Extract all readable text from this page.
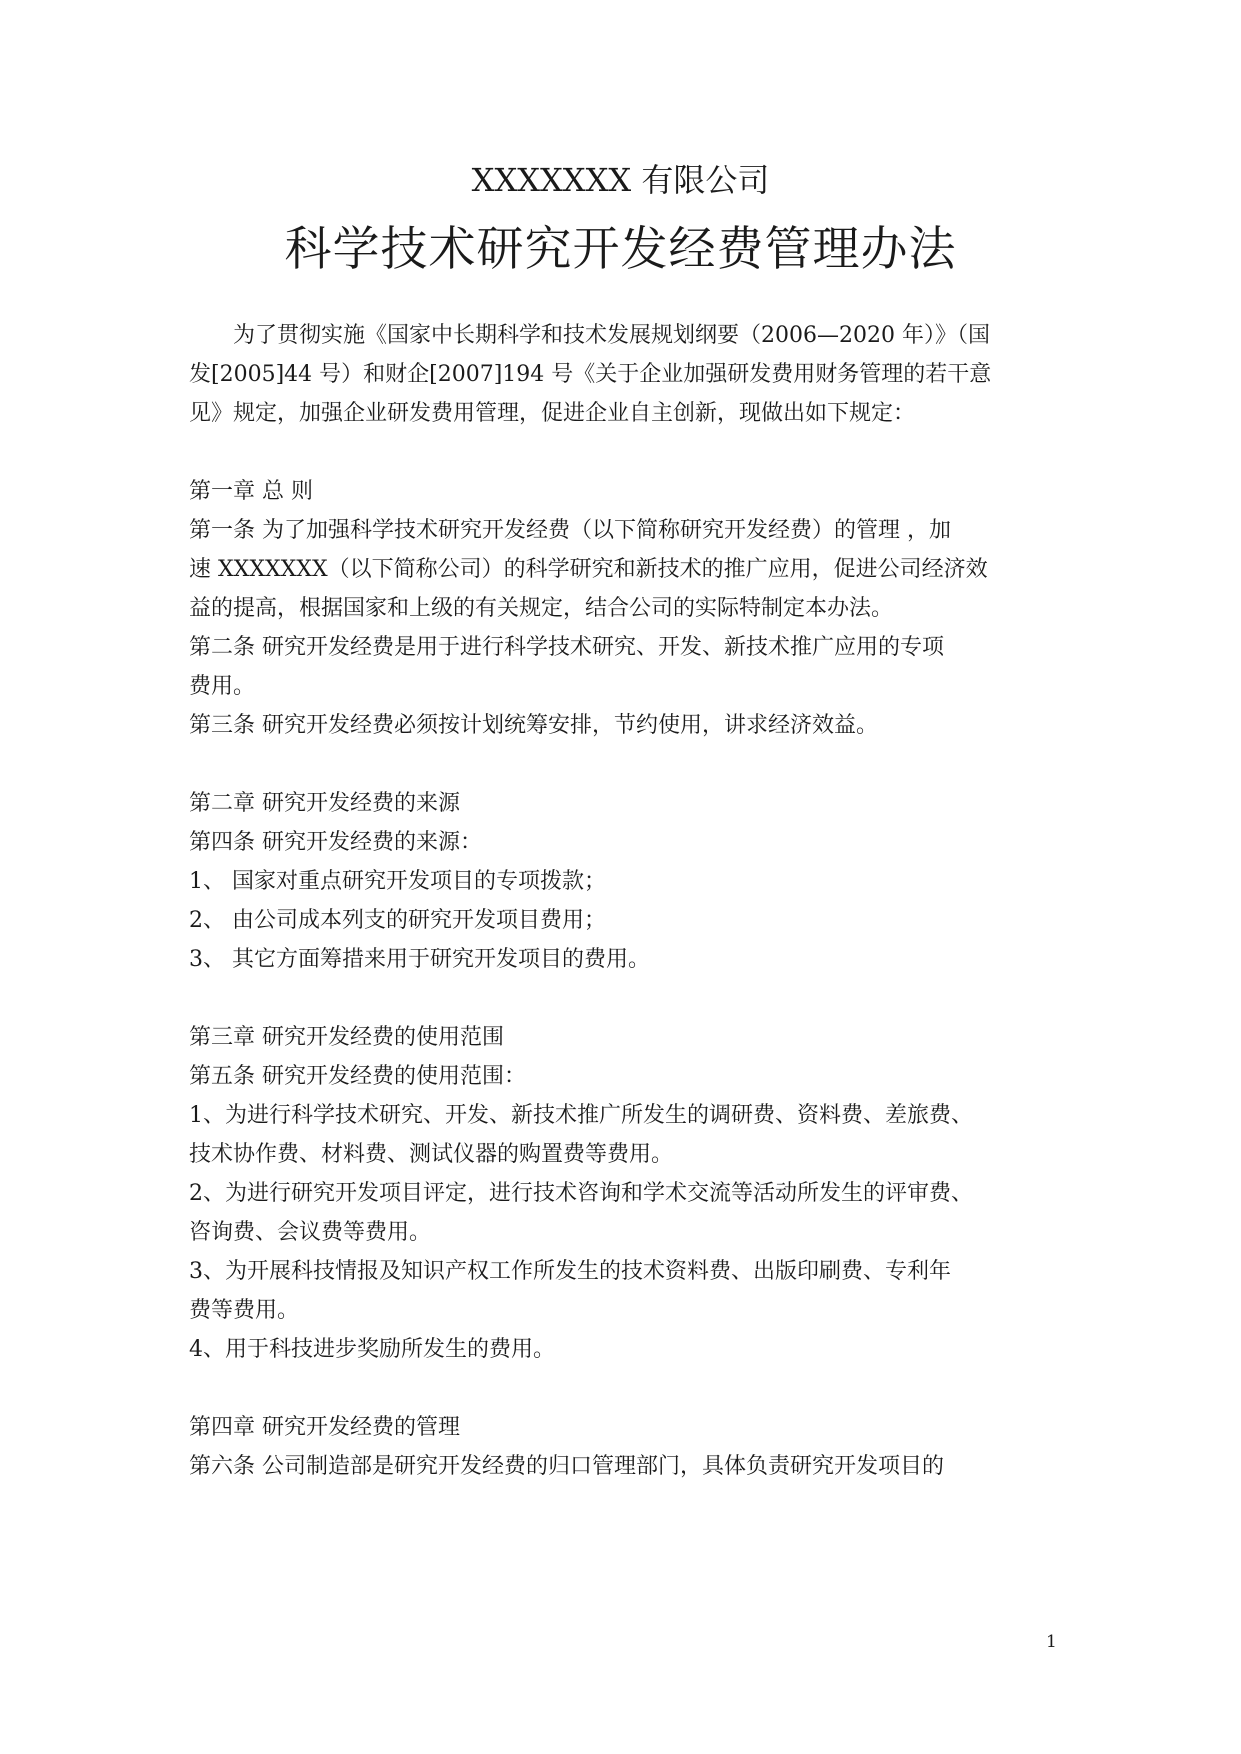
XXXXXXX 有限公司
科学技术研究开发经费管理办法

为了贯彻实施《国家中长期科学和技术发展规划纲要（2006—2020 年）》（国

发[2005]44 号）和财企[2007]194 号《关于企业加强研发费用财务管理的若干意

见》规定，加强企业研发费用管理，促进企业自主创新，现做出如下规定：

第一章 总 则

第一条 为了加强科学技术研究开发经费（以下简称研究开发经费）的管理 ，加

速 XXXXXXX（以下简称公司）的科学研究和新技术的推广应用，促进公司经济效

益的提高，根据国家和上级的有关规定，结合公司的实际特制定本办法。

第二条 研究开发经费是用于进行科学技术研究、开发、新技术推广应用的专项

费用。

第三条 研究开发经费必须按计划统筹安排，节约使用，讲求经济效益。

第二章 研究开发经费的来源

第四条 研究开发经费的来源：

1、 国家对重点研究开发项目的专项拨款；

2、 由公司成本列支的研究开发项目费用；

3、 其它方面筹措来用于研究开发项目的费用。

第三章 研究开发经费的使用范围

第五条 研究开发经费的使用范围：

1、为进行科学技术研究、开发、新技术推广所发生的调研费、资料费、差旅费、

技术协作费、材料费、测试仪器的购置费等费用。

2、为进行研究开发项目评定，进行技术咨询和学术交流等活动所发生的评审费、

咨询费、会议费等费用。

3、为开展科技情报及知识产权工作所发生的技术资料费、出版印刷费、专利年

费等费用。

4、用于科技进步奖励所发生的费用。

第四章 研究开发经费的管理

第六条 公司制造部是研究开发经费的归口管理部门，具体负责研究开发项目的

1
